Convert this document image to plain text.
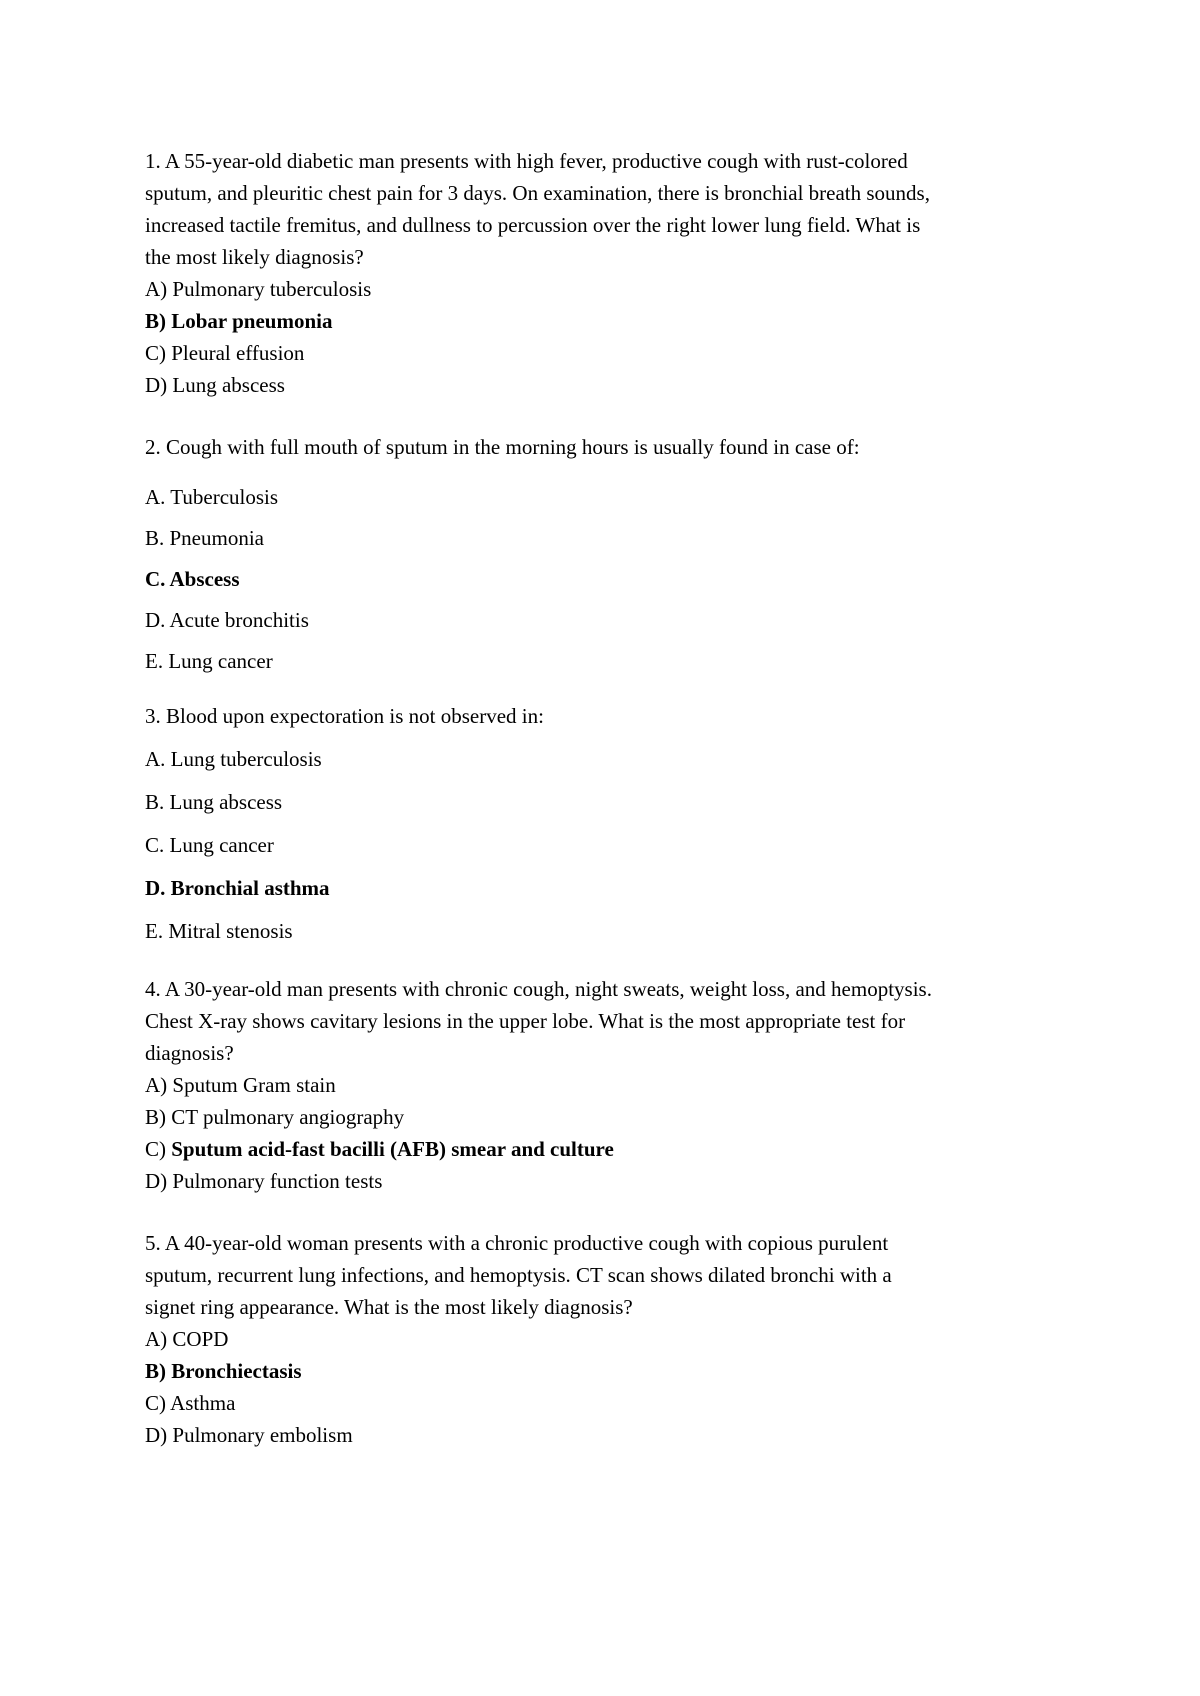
1. A 55-year-old diabetic man presents with high fever, productive cough with rust-colored

sputum, and pleuritic chest pain for 3 days. On examination, there is bronchial breath sounds,

increased tactile fremitus, and dullness to percussion over the right lower lung field. What is

the most likely diagnosis?

A) Pulmonary tuberculosis

B) Lobar pneumonia

C) Pleural effusion

D) Lung abscess

2. Cough with full mouth of sputum in the morning hours is usually found in case of:

A. Tuberculosis

B. Pneumonia

C. Abscess

D. Acute bronchitis

E. Lung cancer

3. Blood upon expectoration is not observed in:

A. Lung tuberculosis

B. Lung abscess

C. Lung cancer

D. Bronchial asthma

E. Mitral stenosis

4. A 30-year-old man presents with chronic cough, night sweats, weight loss, and hemoptysis.

Chest X-ray shows cavitary lesions in the upper lobe. What is the most appropriate test for

diagnosis?

A) Sputum Gram stain

B) CT pulmonary angiography

C) Sputum acid-fast bacilli (AFB) smear and culture

D) Pulmonary function tests

5. A 40-year-old woman presents with a chronic productive cough with copious purulent

sputum, recurrent lung infections, and hemoptysis. CT scan shows dilated bronchi with a

signet ring appearance. What is the most likely diagnosis?

A) COPD

B) Bronchiectasis

C) Asthma

D) Pulmonary embolism
